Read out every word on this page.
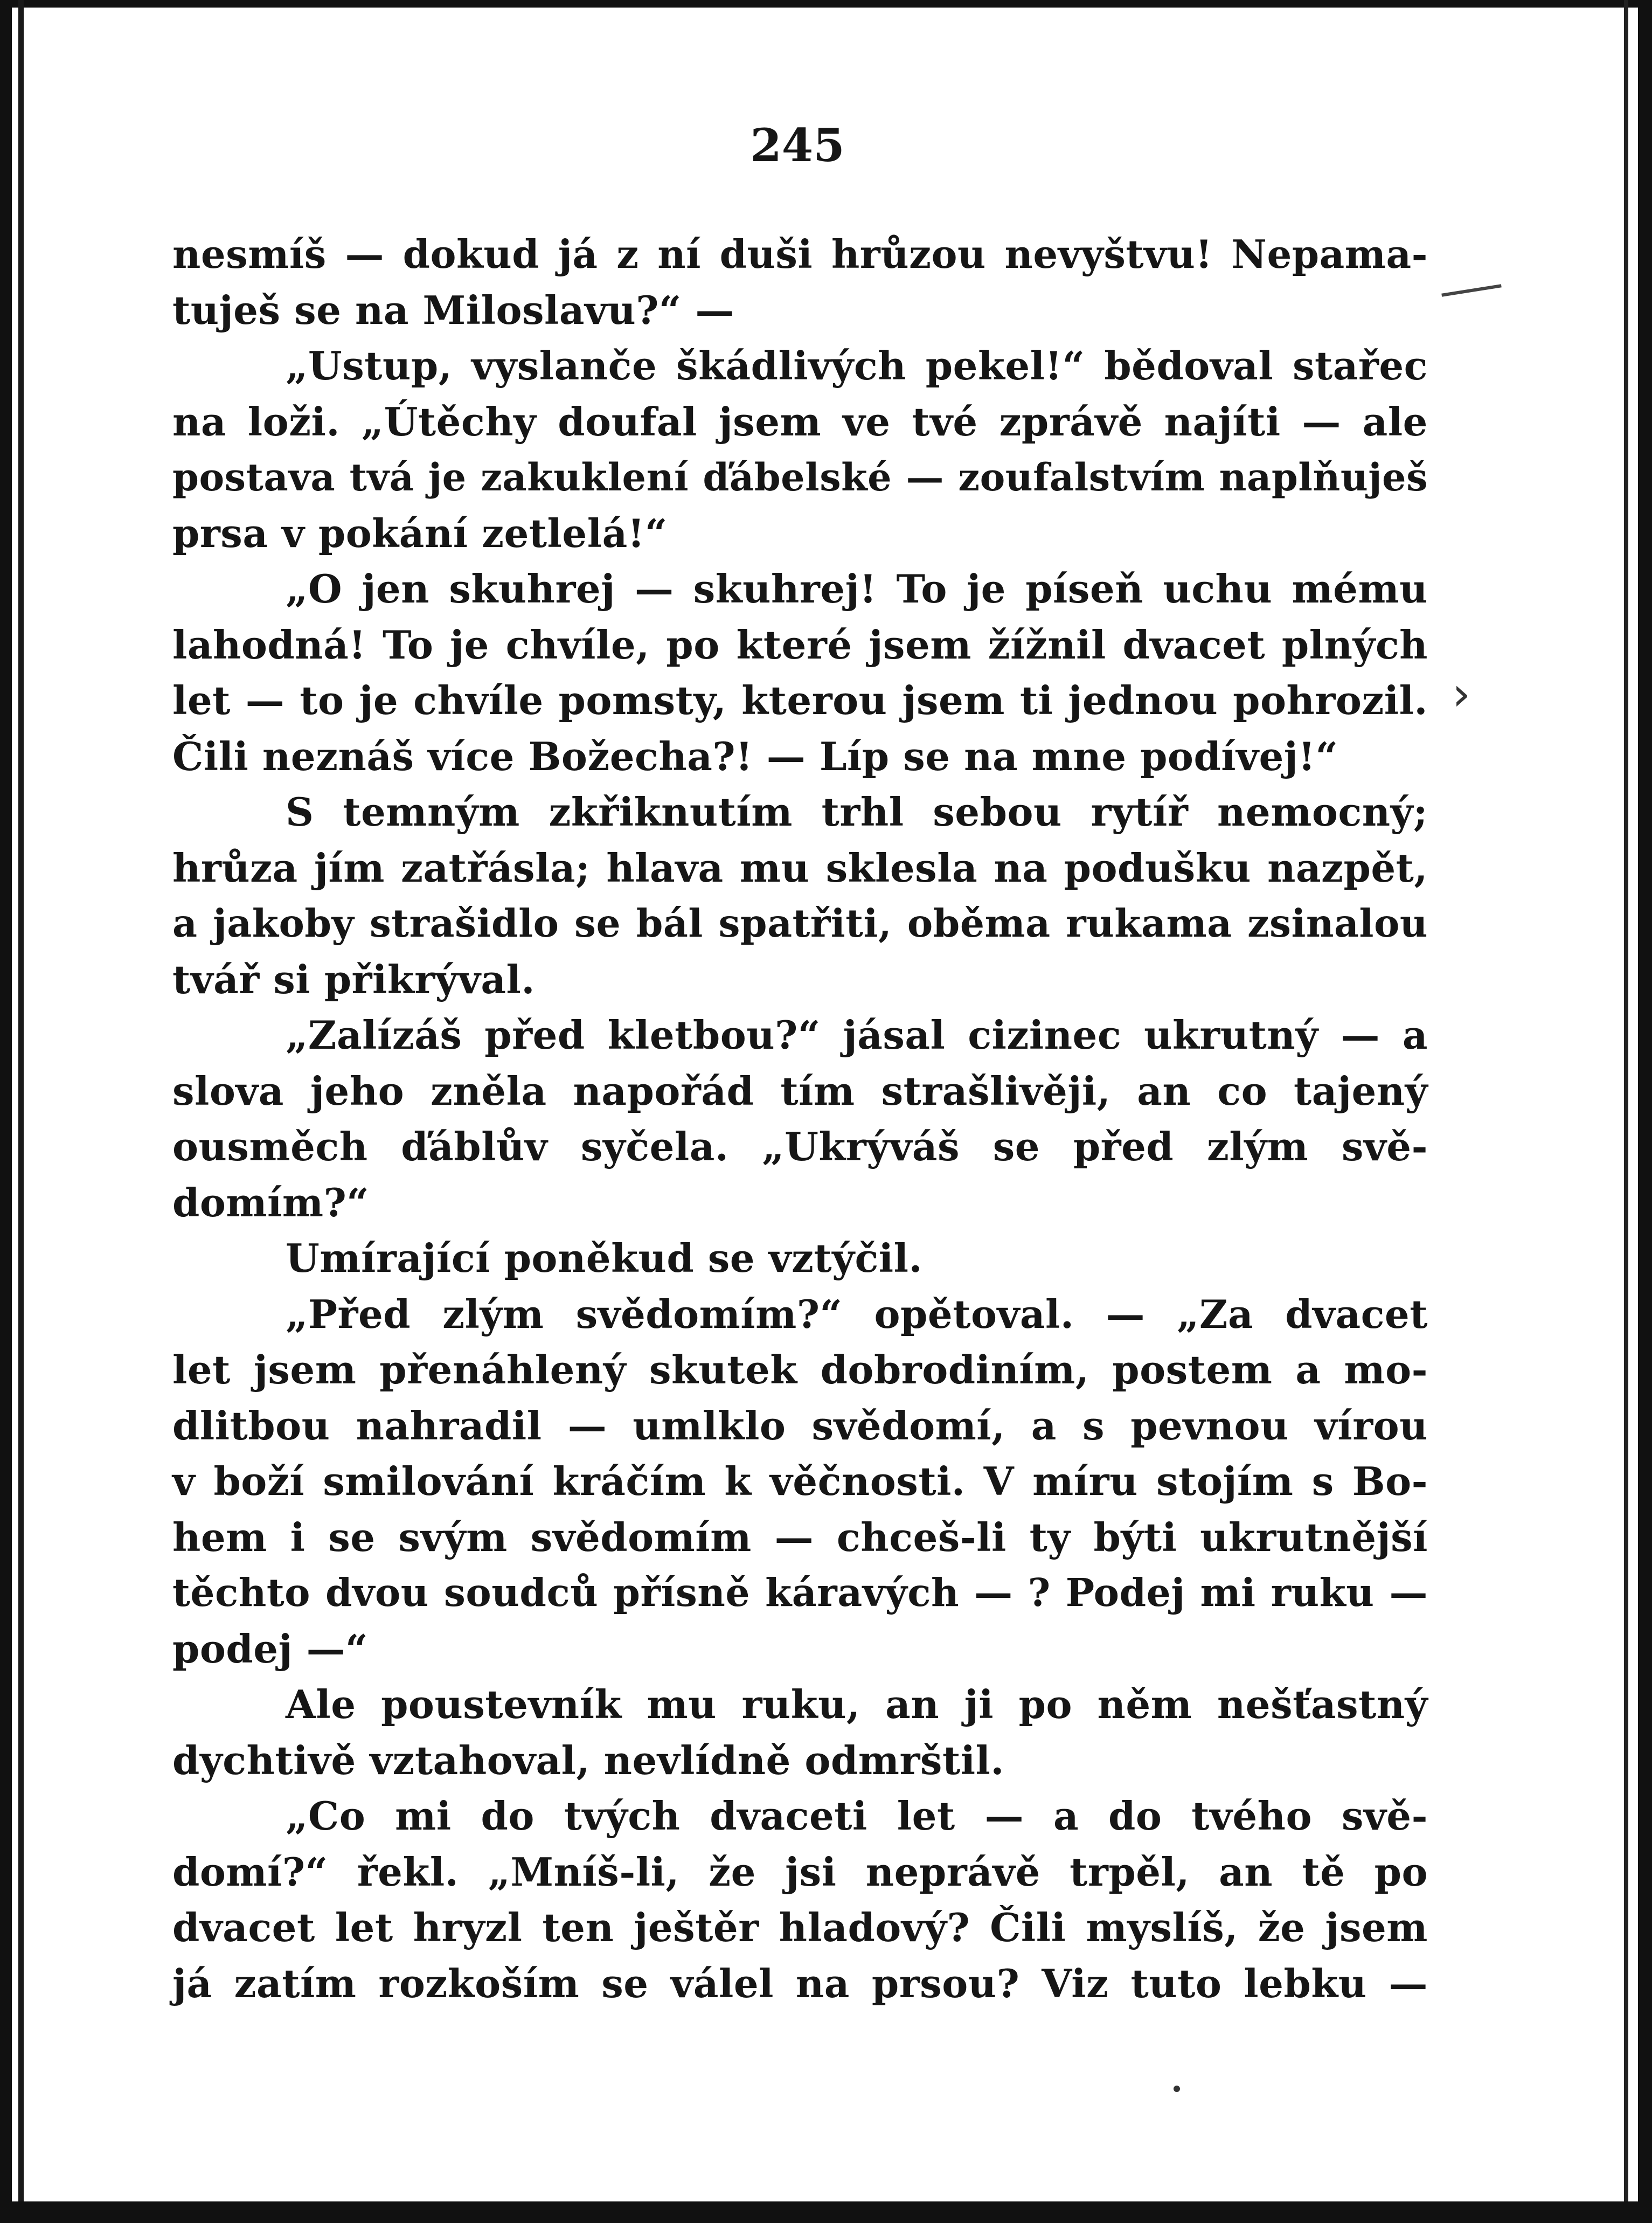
245
nesmíš — dokud já z ní duši hrůzou nevyštvu! Nepama-
tuješ se na Miloslavu?“ —
„Ustup, vyslanče škádlivých pekel!“ bědoval stařec
na loži. „Útěchy doufal jsem ve tvé zprávě najíti — ale
postava tvá je zakuklení ďábelské — zoufalstvím naplňuješ
prsa v pokání zetlelá!“
„O jen skuhrej — skuhrej! To je píseň uchu mému
lahodná! To je chvíle, po které jsem žížnil dvacet plných
let — to je chvíle pomsty, kterou jsem ti jednou pohrozil.
Čili neznáš více Božecha?! — Líp se na mne podívej!“
S temným zkřiknutím trhl sebou rytíř nemocný;
hrůza jím zatřásla; hlava mu sklesla na podušku nazpět,
a jakoby strašidlo se bál spatřiti, oběma rukama zsinalou
tvář si přikrýval.
„Zalízáš před kletbou?“ jásal cizinec ukrutný — a
slova jeho zněla napořád tím strašlivěji, an co tajený
ousměch ďáblův syčela. „Ukrýváš se před zlým svě-
domím?“
Umírající poněkud se vztýčil.
„Před zlým svědomím?“ opětoval. — „Za dvacet
let jsem přenáhlený skutek dobrodiním, postem a mo-
dlitbou nahradil — umlklo svědomí, a s pevnou vírou
v boží smilování kráčím k věčnosti. V míru stojím s Bo-
hem i se svým svědomím — chceš-li ty býti ukrutnější
těchto dvou soudců přísně káravých — ? Podej mi ruku —
podej —“
Ale poustevník mu ruku, an ji po něm nešťastný
dychtivě vztahoval, nevlídně odmrštil.
„Co mi do tvých dvaceti let — a do tvého svě-
domí?“ řekl. „Mníš-li, že jsi neprávě trpěl, an tě po
dvacet let hryzl ten ještěr hladový? Čili myslíš, že jsem
já zatím rozkoším se válel na prsou? Viz tuto lebku —
›
